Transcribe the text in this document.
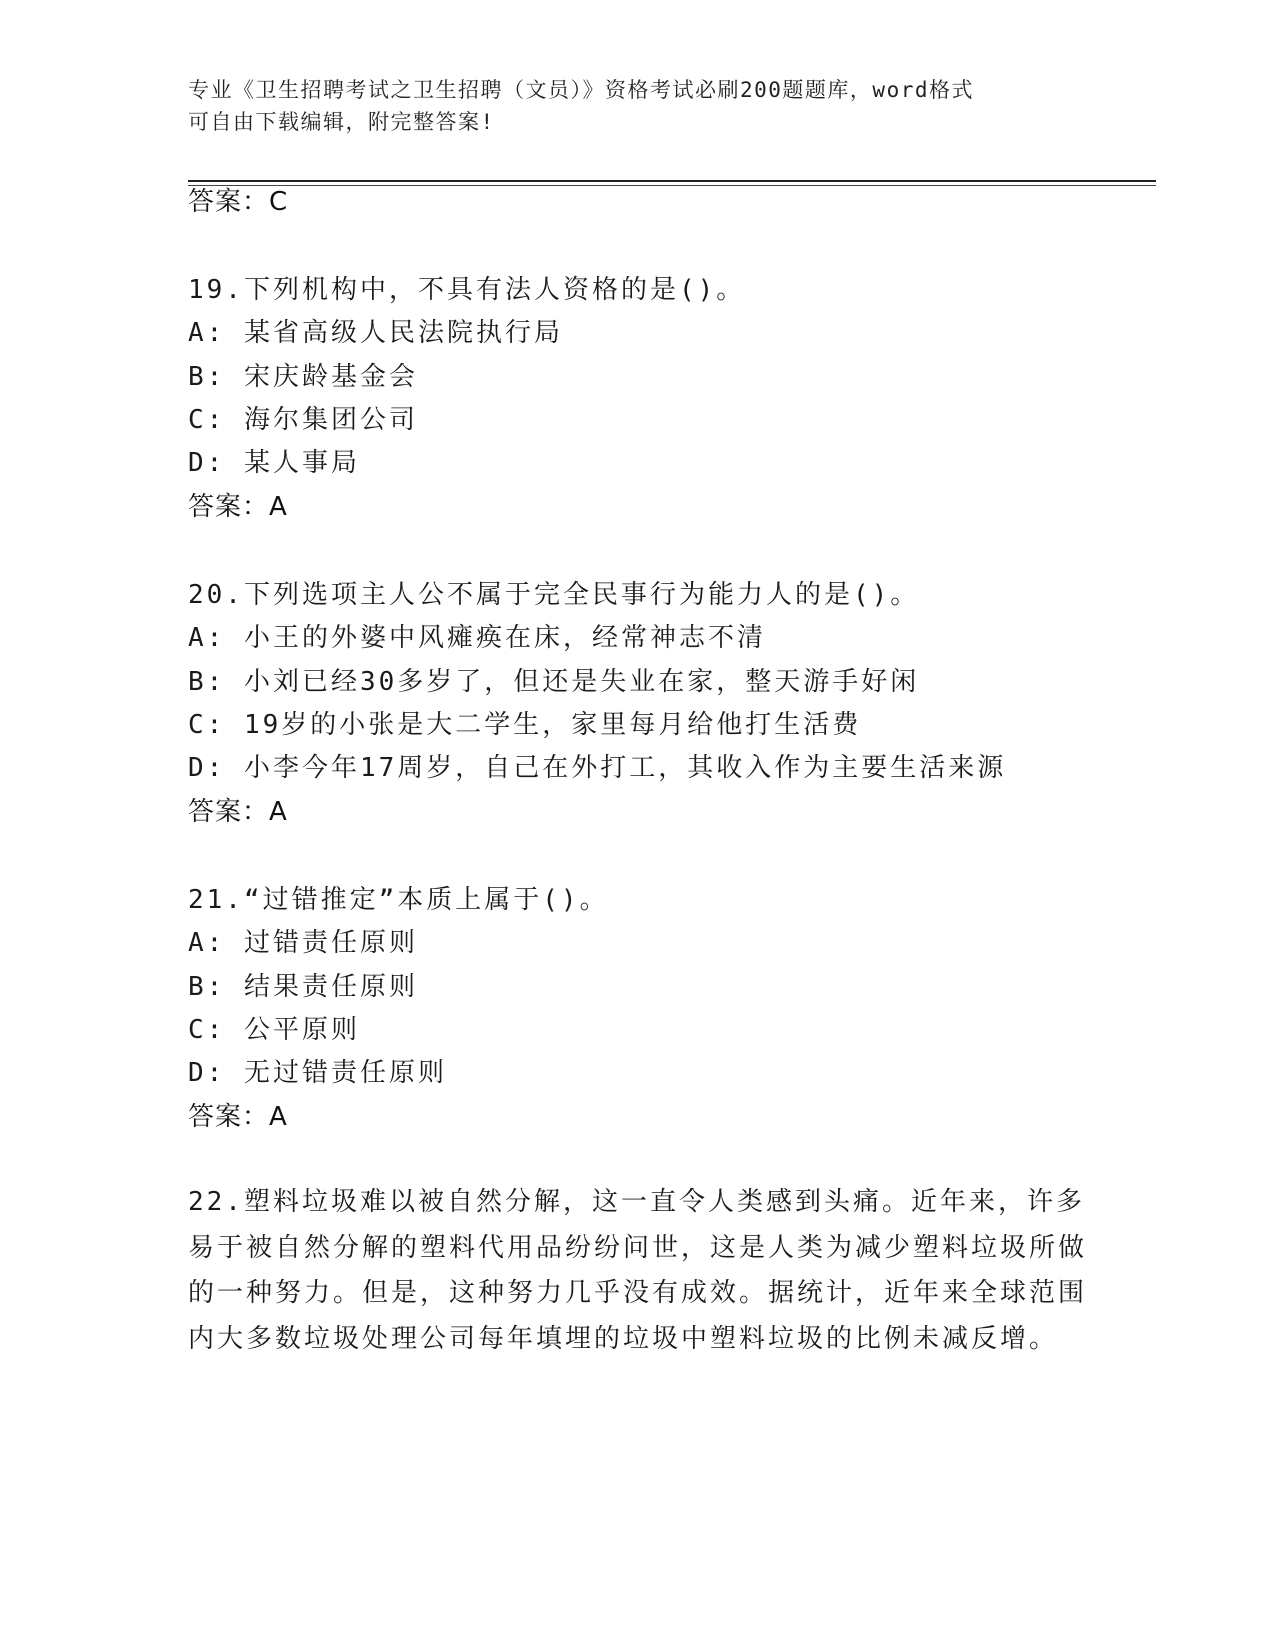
专业《卫生招聘考试之卫生招聘（文员）》资格考试必刷200题题库，word格式
可自由下载编辑，附完整答案!
答案：C
19.下列机构中，不具有法人资格的是()。
A: 某省高级人民法院执行局
B: 宋庆龄基金会
C: 海尔集团公司
D: 某人事局
答案：A
20.下列选项主人公不属于完全民事行为能力人的是()。
A: 小王的外婆中风瘫痪在床，经常神志不清
B: 小刘已经30多岁了，但还是失业在家，整天游手好闲
C: 19岁的小张是大二学生，家里每月给他打生活费
D: 小李今年17周岁，自己在外打工，其收入作为主要生活来源
答案：A
21.“过错推定”本质上属于()。
A: 过错责任原则
B: 结果责任原则
C: 公平原则
D: 无过错责任原则
答案：A
22.塑料垃圾难以被自然分解，这一直令人类感到头痛。近年来，许多易于被自然分解的塑料代用品纷纷问世，这是人类为减少塑料垃圾所做的一种努力。但是，这种努力几乎没有成效。据统计，近年来全球范围内大多数垃圾处理公司每年填埋的垃圾中塑料垃圾的比例未减反增。
